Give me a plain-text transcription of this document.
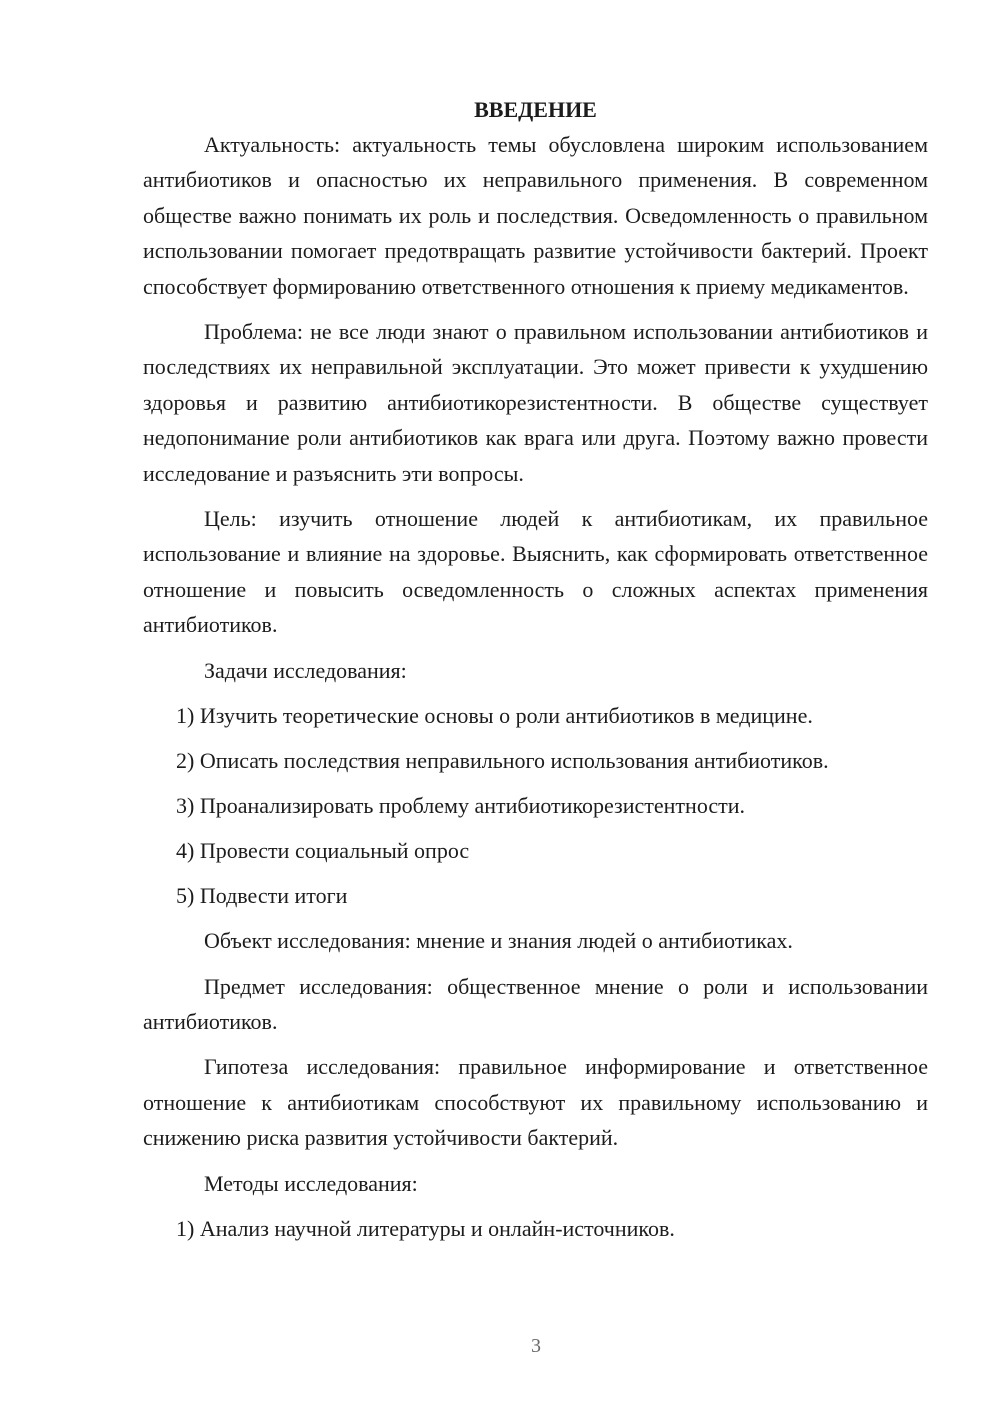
ВВЕДЕНИЕ

Актуальность: актуальность темы обусловлена широким использованием антибиотиков и опасностью их неправильного применения. В современном обществе важно понимать их роль и последствия. Осведомленность о правильном использовании помогает предотвращать развитие устойчивости бактерий. Проект способствует формированию ответственного отношения к приему медикаментов.

Проблема: не все люди знают о правильном использовании антибиотиков и последствиях их неправильной эксплуатации. Это может привести к ухудшению здоровья и развитию антибиотикорезистентности. В обществе существует недопонимание роли антибиотиков как врага или друга. Поэтому важно провести исследование и разъяснить эти вопросы.

Цель: изучить отношение людей к антибиотикам, их правильное использование и влияние на здоровье. Выяснить, как сформировать ответственное отношение и повысить осведомленность о сложных аспектах применения антибиотиков.

Задачи исследования:

1) Изучить теоретические основы о роли антибиотиков в медицине.
2) Описать последствия неправильного использования антибиотиков.
3) Проанализировать проблему антибиотикорезистентности.
4) Провести социальный опрос
5) Подвести итоги

Объект исследования: мнение и знания людей о антибиотиках.

Предмет исследования: общественное мнение о роли и использовании антибиотиков.

Гипотеза исследования: правильное информирование и ответственное отношение к антибиотикам способствуют их правильному использованию и снижению риска развития устойчивости бактерий.

Методы исследования:

1) Анализ научной литературы и онлайн-источников.
3
